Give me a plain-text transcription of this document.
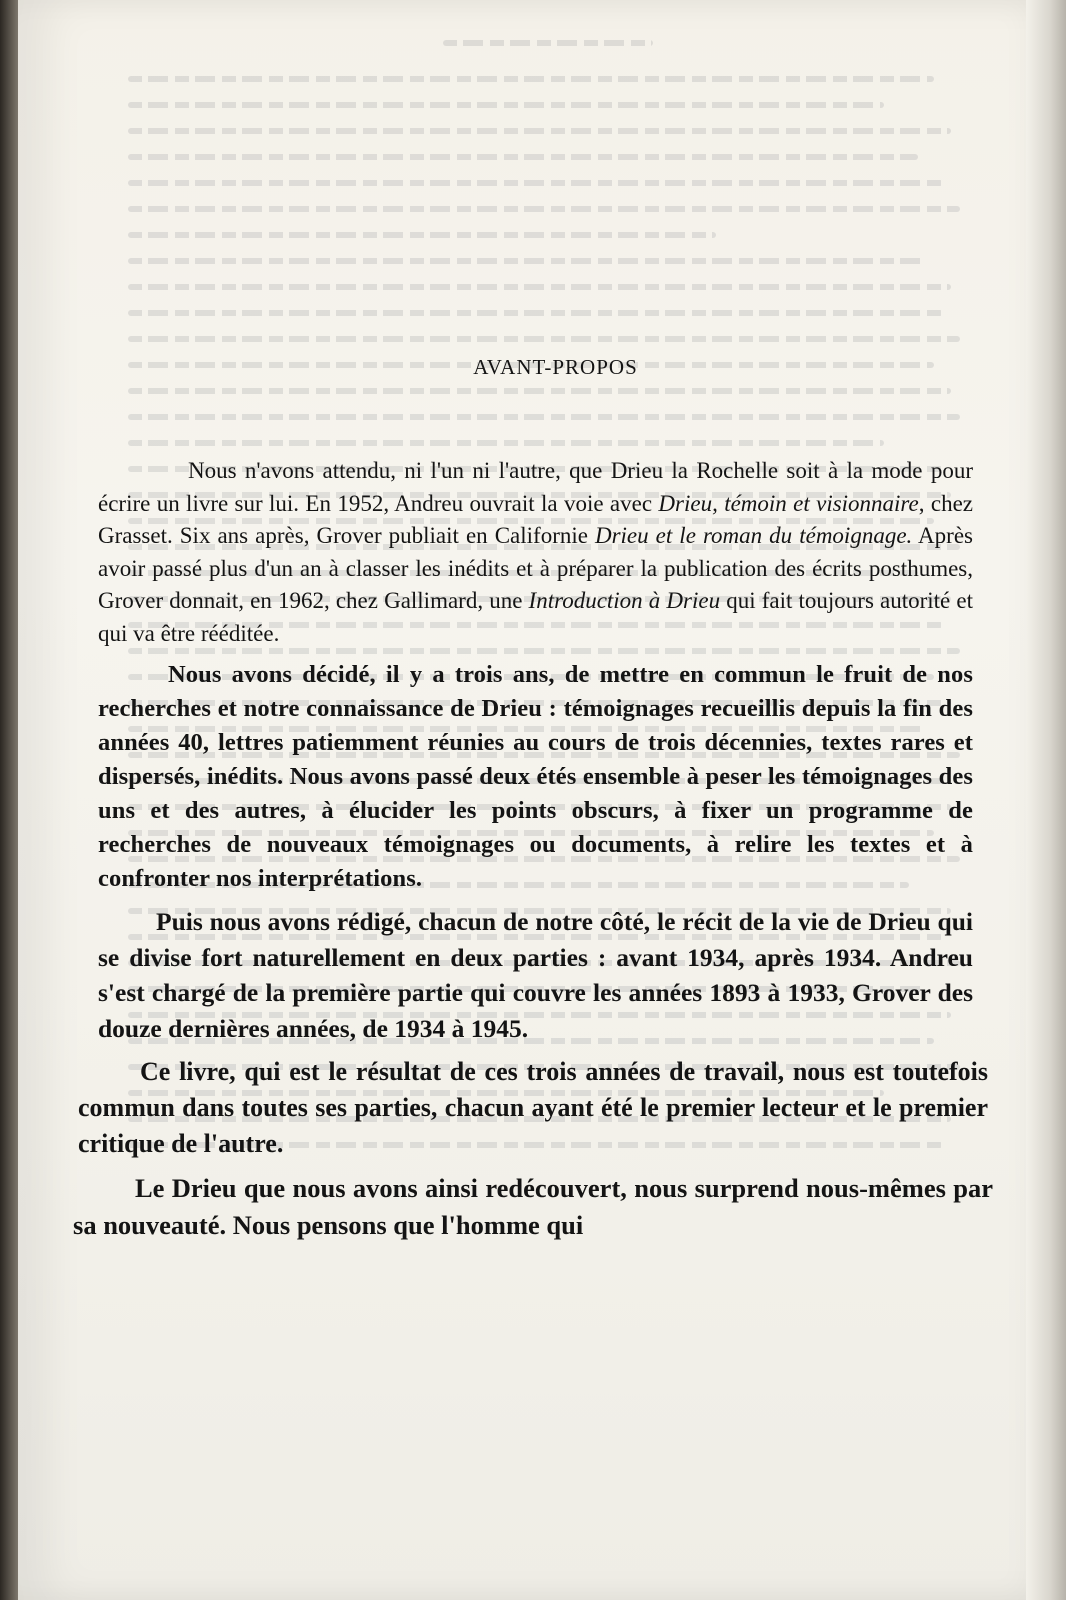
AVANT-PROPOS

Nous n'avons attendu, ni l'un ni l'autre, que Drieu la Rochelle soit à la mode pour écrire un livre sur lui. En 1952, Andreu ouvrait la voie avec Drieu, témoin et visionnaire, chez Grasset. Six ans après, Grover publiait en Californie Drieu et le roman du témoignage. Après avoir passé plus d'un an à classer les inédits et à préparer la publication des écrits posthumes, Grover donnait, en 1962, chez Gallimard, une Introduction à Drieu qui fait toujours autorité et qui va être rééditée.

Nous avons décidé, il y a trois ans, de mettre en commun le fruit de nos recherches et notre connaissance de Drieu : témoignages recueillis depuis la fin des années 40, lettres patiemment réunies au cours de trois décennies, textes rares et dispersés, inédits. Nous avons passé deux étés ensemble à peser les témoignages des uns et des autres, à élucider les points obscurs, à fixer un programme de recherches de nouveaux témoignages ou documents, à relire les textes et à confronter nos interprétations.

Puis nous avons rédigé, chacun de notre côté, le récit de la vie de Drieu qui se divise fort naturellement en deux parties : avant 1934, après 1934. Andreu s'est chargé de la première partie qui couvre les années 1893 à 1933, Grover des douze dernières années, de 1934 à 1945.

Ce livre, qui est le résultat de ces trois années de travail, nous est toutefois commun dans toutes ses parties, chacun ayant été le premier lecteur et le premier critique de l'autre.

Le Drieu que nous avons ainsi redécouvert, nous surprend nous-mêmes par sa nouveauté. Nous pensons que l'homme qui
